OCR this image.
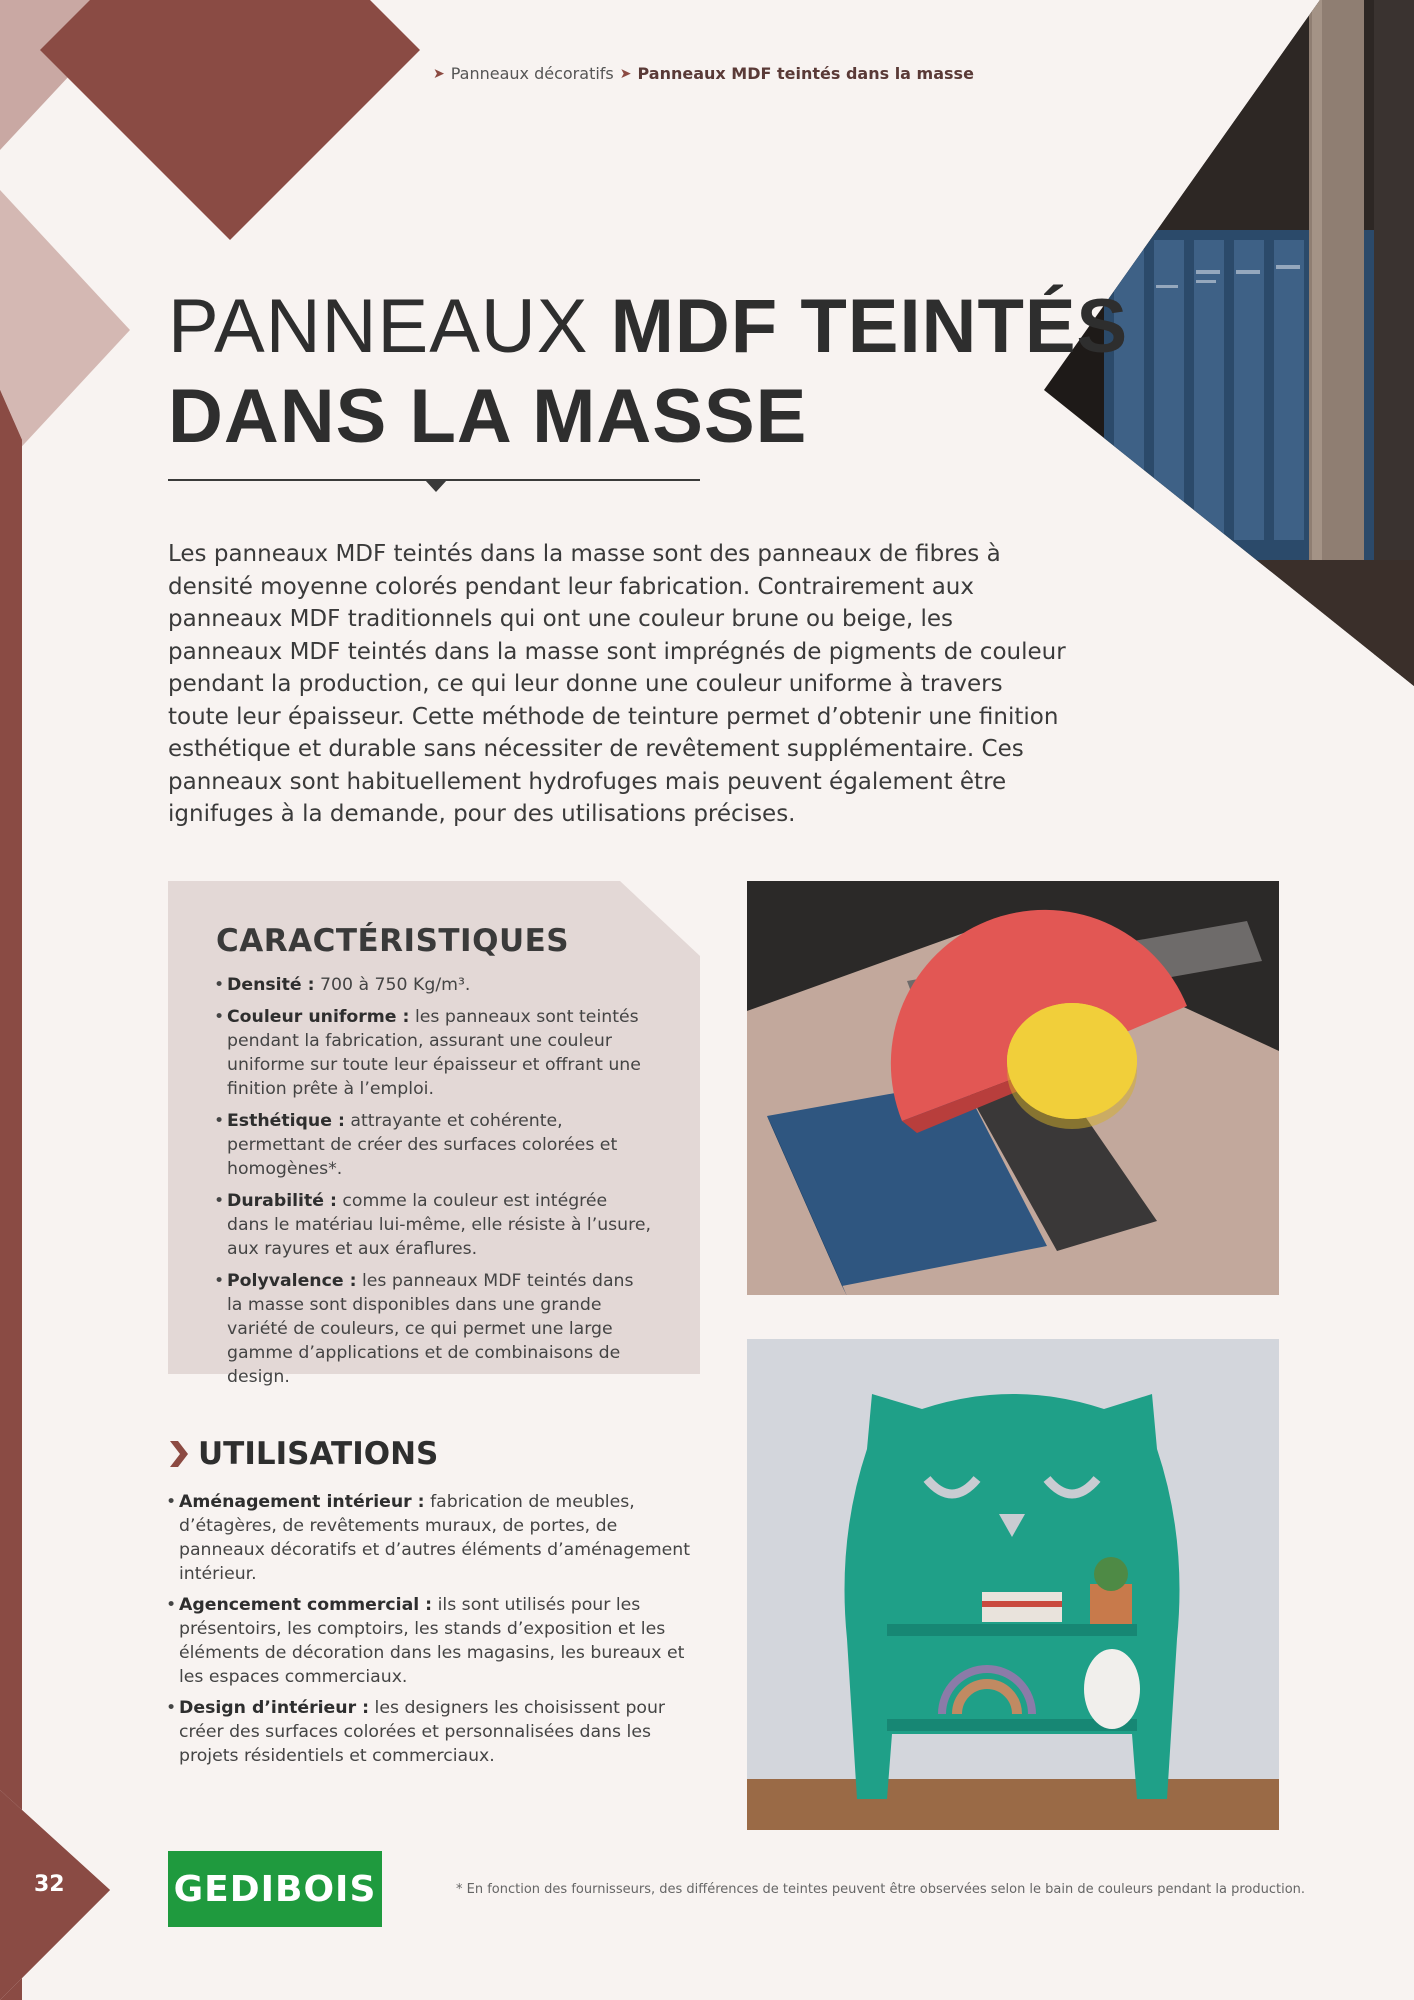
➤ Panneaux décoratifs ➤ Panneaux MDF teintés dans la masse
PANNEAUX MDF TEINTÉS
DANS LA MASSE

Les panneaux MDF teintés dans la masse sont des panneaux de fibres à densité moyenne colorés pendant leur fabrication. Contrairement aux panneaux MDF traditionnels qui ont une couleur brune ou beige, les panneaux MDF teintés dans la masse sont imprégnés de pigments de couleur pendant la production, ce qui leur donne une couleur uniforme à travers toute leur épaisseur. Cette méthode de teinture permet d’obtenir une finition esthétique et durable sans nécessiter de revêtement supplémentaire. Ces panneaux sont habituellement hydrofuges mais peuvent également être ignifuges à la demande, pour des utilisations précises.

CARACTÉRISTIQUES
• Densité : 700 à 750 Kg/m³.
• Couleur uniforme : les panneaux sont teintés pendant la fabrication, assurant une couleur uniforme sur toute leur épaisseur et offrant une finition prête à l’emploi.
• Esthétique : attrayante et cohérente, permettant de créer des surfaces colorées et homogènes*.
• Durabilité : comme la couleur est intégrée dans le matériau lui-même, elle résiste à l’usure, aux rayures et aux éraflures.
• Polyvalence : les panneaux MDF teintés dans la masse sont disponibles dans une grande variété de couleurs, ce qui permet une large gamme d’applications et de combinaisons de design.
UTILISATIONS
• Aménagement intérieur : fabrication de meubles, d’étagères, de revêtements muraux, de portes, de panneaux décoratifs et d’autres éléments d’aménagement intérieur.
• Agencement commercial : ils sont utilisés pour les présentoirs, les comptoirs, les stands d’exposition et les éléments de décoration dans les magasins, les bureaux et les espaces commerciaux.
• Design d’intérieur : les designers les choisissent pour créer des surfaces colorées et personnalisées dans les projets résidentiels et commerciaux.
32	GEDIBOIS	* En fonction des fournisseurs, des différences de teintes peuvent être observées selon le bain de couleurs pendant la production.
